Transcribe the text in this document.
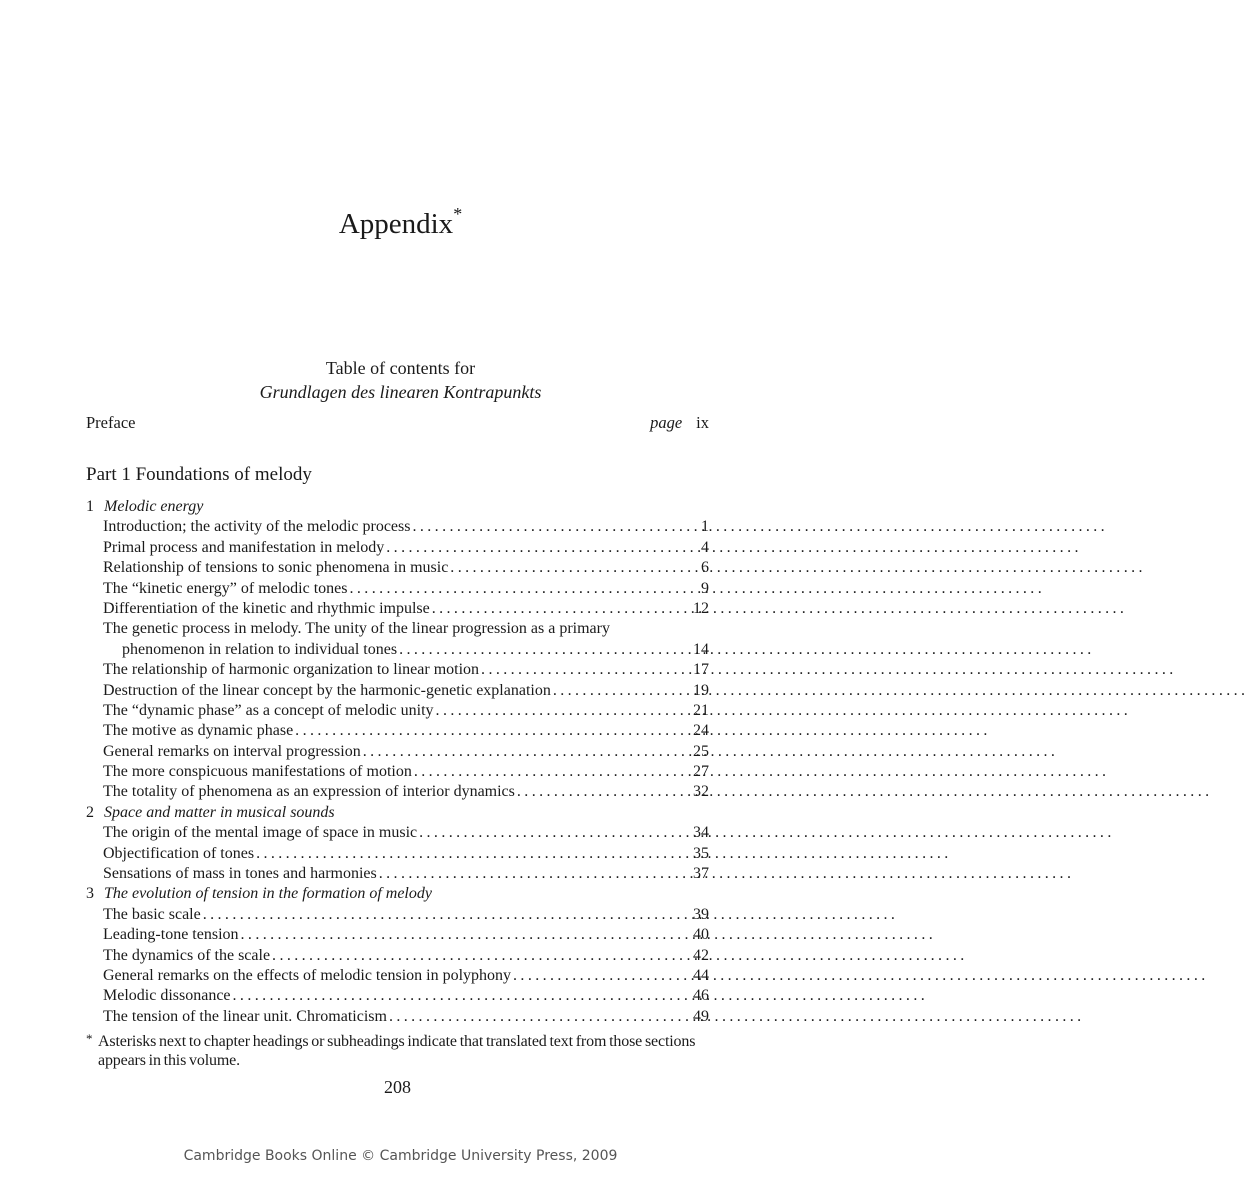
Appendix*
Table of contents for
Grundlagen des linearen Kontrapunkts
Preface	page ix
Part 1 Foundations of melody
1 Melodic energy
Introduction; the activity of the melodic process . . .	1
Primal process and manifestation in melody . . .	4
Relationship of tensions to sonic phenomena in music . . .	6
The “kinetic energy” of melodic tones . . .	9
Differentiation of the kinetic and rhythmic impulse . . .	12
The genetic process in melody. The unity of the linear progression as a primary
phenomenon in relation to individual tones . . .	14
The relationship of harmonic organization to linear motion . . .	17
Destruction of the linear concept by the harmonic-genetic explanation . . .	19
The “dynamic phase” as a concept of melodic unity . . .	21
The motive as dynamic phase . . .	24
General remarks on interval progression . . .	25
The more conspicuous manifestations of motion . . .	27
The totality of phenomena as an expression of interior dynamics . . .	32
2 Space and matter in musical sounds
The origin of the mental image of space in music . . .	34
Objectification of tones . . .	35
Sensations of mass in tones and harmonies . . .	37
3 The evolution of tension in the formation of melody
The basic scale . . .	39
Leading-tone tension . . .	40
The dynamics of the scale . . .	42
General remarks on the effects of melodic tension in polyphony . . .	44
Melodic dissonance . . .	46
The tension of the linear unit. Chromaticism . . .	49
* Asterisks next to chapter headings or subheadings indicate that translated text from those sections appears in this volume.
208
Cambridge Books Online © Cambridge University Press, 2009
